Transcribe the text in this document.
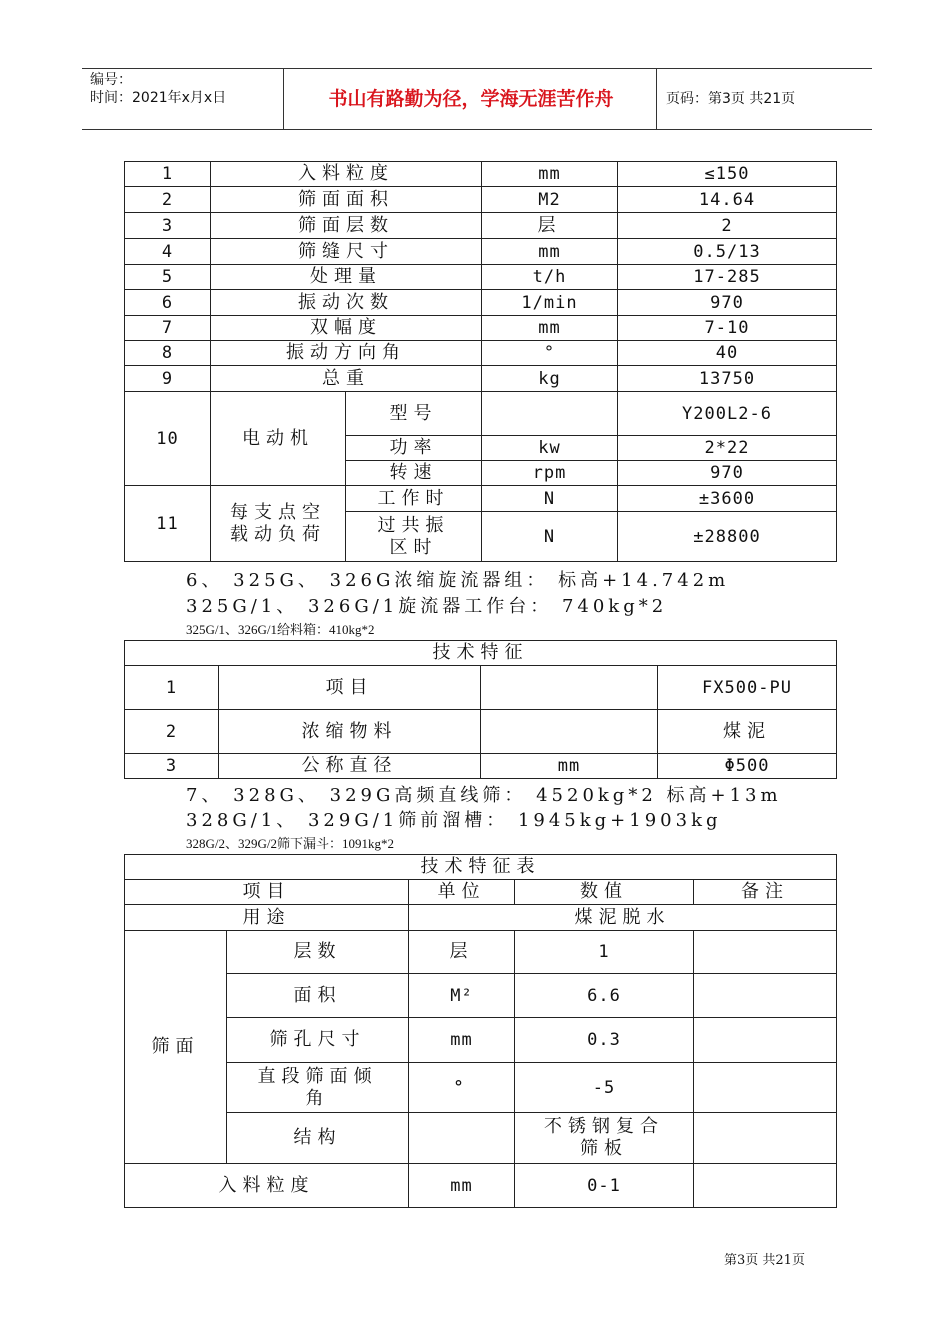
编号：
时间：2021年x月x日	书山有路勤为径，学海无涯苦作舟	页码：第3页 共21页
1	入料粒度		mm	≤150
2	筛面面积		M2	14.64
3	筛面层数		层	2
4	筛缝尺寸		mm	0.5/13
5	处理量		t/h	17-285
6	振动次数		1/min	970
7	双幅度		mm	7-10
8	振动方向角		°	40
9	总重		kg	13750
10	电动机	型号		Y200L2-6
		功率	kw	2*22
		转速	rpm	970
11	每支点空载动负荷	工作时	N	±3600
		过共振区时	N	±28800
6、 325G、 326G浓缩旋流器组： 标高+14.742m
325G/1、 326G/1旋流器工作台： 740kg*2
325G/1、326G/1给料箱：410kg*2
技术特征			
1	项目		FX500-PU
2	浓缩物料		煤泥
3	公称直径	mm	Φ500
7、 328G、 329G高频直线筛： 4520kg*2 标高+13m
328G/1、 329G/1筛前溜槽： 1945kg+1903kg
328G/2、329G/2筛下漏斗：1091kg*2
技术特征表				
项目		单位	数值	备注
用途		煤泥脱水		
筛面	层数	层	1	
	面积	M²	6.6	
	筛孔尺寸	mm	0.3	
	直段筛面倾角	°	-5	
	结构		不锈钢复合筛板	
入料粒度		mm	0-1	
第3页 共21页
